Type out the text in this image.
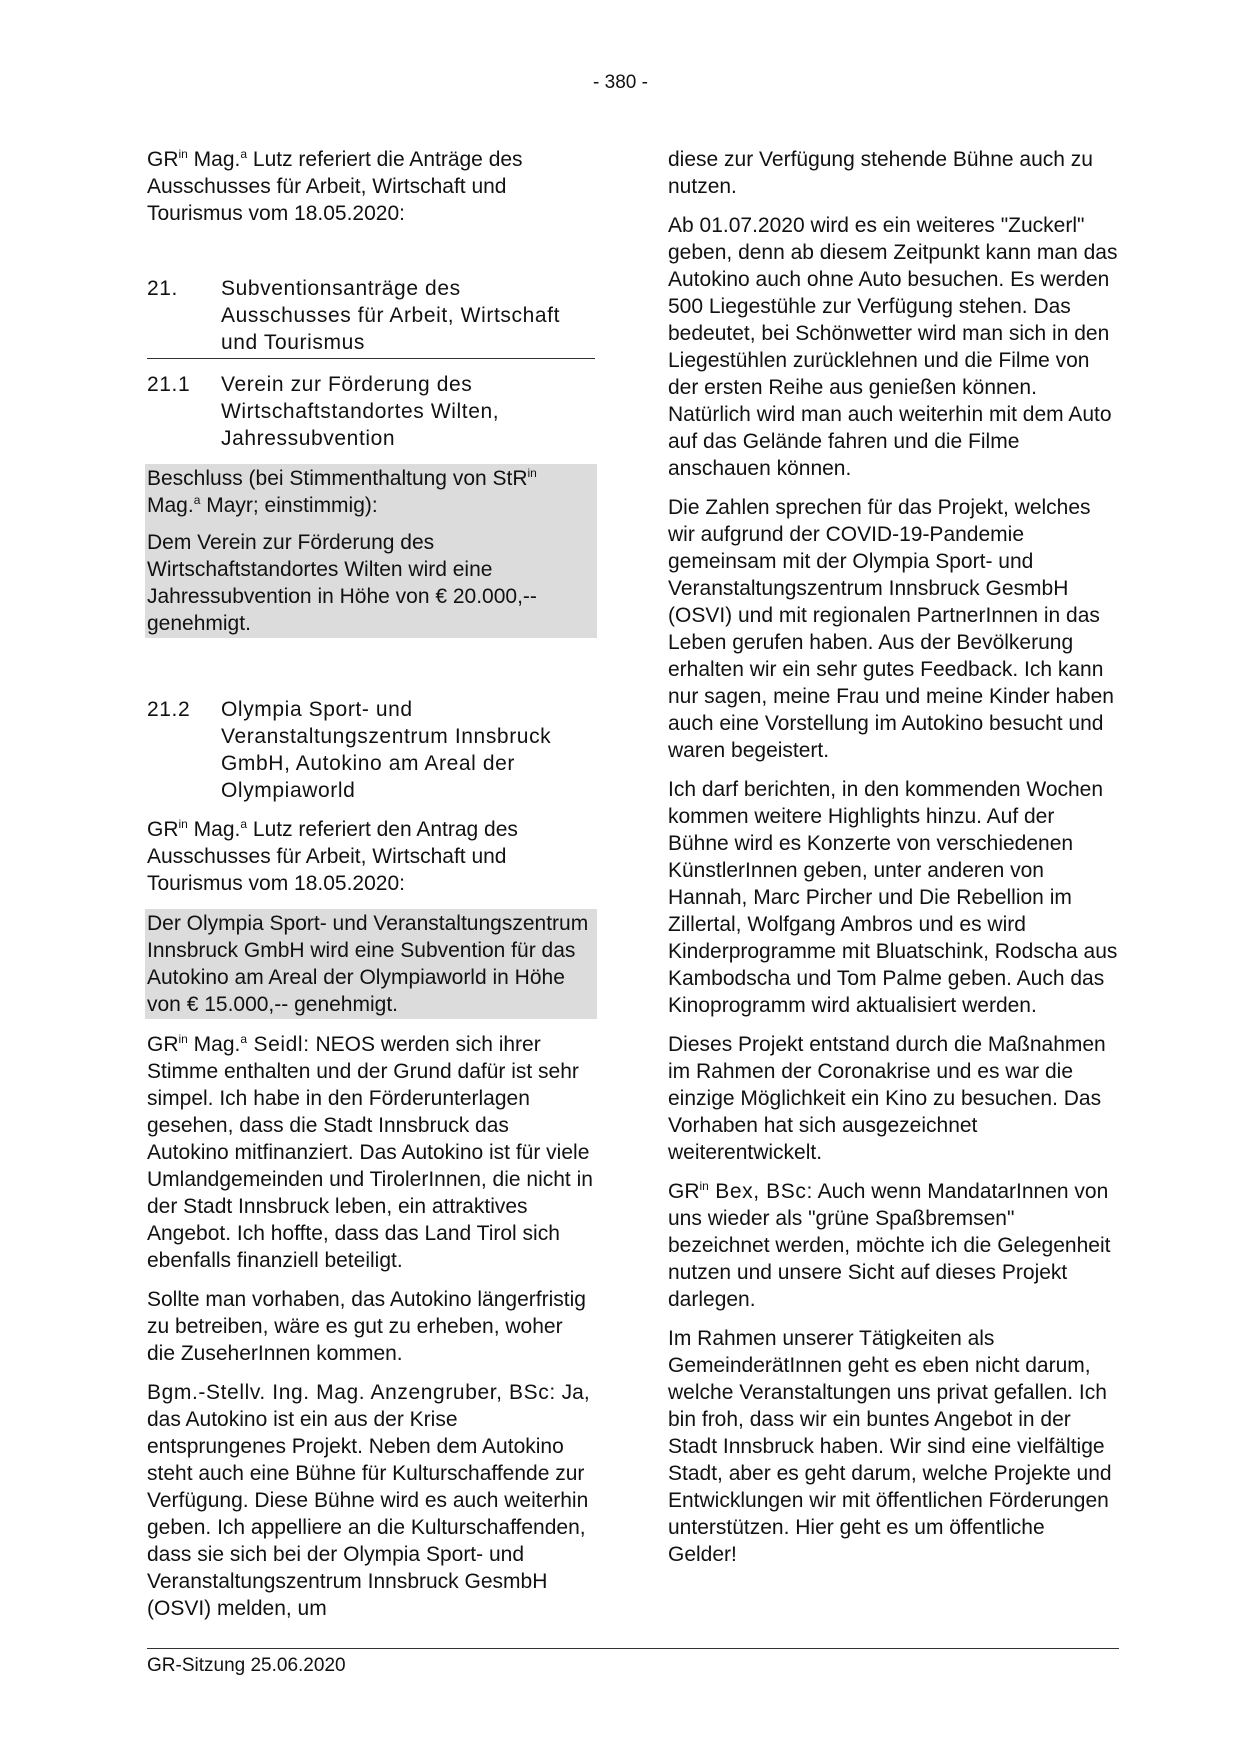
- 380 -

$GR^{in}$ Mag.$^a$ Lutz referiert die Anträge des Ausschusses für Arbeit, Wirtschaft und Tourismus vom 18.05.2020:

21.	Subventionsanträge des Ausschusses für Arbeit, Wirtschaft und Tourismus
21.1	Verein zur Förderung des Wirtschaftstandortes Wilten, Jahressubvention
Beschluss (bei Stimmenthaltung von StR$^{in}$ Mag.$^a$ Mayr; einstimmig):
Dem Verein zur Förderung des Wirtschaftstandortes Wilten wird eine Jahressubvention in Höhe von € 20.000,-- genehmigt.
21.2	Olympia Sport- und Veranstaltungszentrum Innsbruck GmbH, Autokino am Areal der Olympiaworld

$GR^{in}$ Mag.$^a$ Lutz referiert den Antrag des Ausschusses für Arbeit, Wirtschaft und Tourismus vom 18.05.2020:

Der Olympia Sport- und Veranstaltungszentrum Innsbruck GmbH wird eine Subvention für das Autokino am Areal der Olympiaworld in Höhe von € 15.000,-- genehmigt.

$GR^{in}$ Mag.$^a$ Seidl: NEOS werden sich ihrer Stimme enthalten und der Grund dafür ist sehr simpel. Ich habe in den Förderunterlagen gesehen, dass die Stadt Innsbruck das Autokino mitfinanziert. Das Autokino ist für viele Umlandgemeinden und TirolerInnen, die nicht in der Stadt Innsbruck leben, ein attraktives Angebot. Ich hoffte, dass das Land Tirol sich ebenfalls finanziell beteiligt.

Sollte man vorhaben, das Autokino längerfristig zu betreiben, wäre es gut zu erheben, woher die ZuseherInnen kommen.

Bgm.-Stellv. Ing. Mag. Anzengruber, BSc: Ja, das Autokino ist ein aus der Krise entsprungenes Projekt. Neben dem Autokino steht auch eine Bühne für Kulturschaffende zur Verfügung. Diese Bühne wird es auch weiterhin geben. Ich appelliere an die Kulturschaffenden, dass sie sich bei der Olympia Sport- und Veranstaltungszentrum Innsbruck GesmbH (OSVI) melden, um

diese zur Verfügung stehende Bühne auch zu nutzen.

Ab 01.07.2020 wird es ein weiteres "Zuckerl" geben, denn ab diesem Zeitpunkt kann man das Autokino auch ohne Auto besuchen. Es werden 500 Liegestühle zur Verfügung stehen. Das bedeutet, bei Schönwetter wird man sich in den Liegestühlen zurücklehnen und die Filme von der ersten Reihe aus genießen können. Natürlich wird man auch weiterhin mit dem Auto auf das Gelände fahren und die Filme anschauen können.

Die Zahlen sprechen für das Projekt, welches wir aufgrund der COVID-19-Pandemie gemeinsam mit der Olympia Sport- und Veranstaltungszentrum Innsbruck GesmbH (OSVI) und mit regionalen PartnerInnen in das Leben gerufen haben. Aus der Bevölkerung erhalten wir ein sehr gutes Feedback. Ich kann nur sagen, meine Frau und meine Kinder haben auch eine Vorstellung im Autokino besucht und waren begeistert.

Ich darf berichten, in den kommenden Wochen kommen weitere Highlights hinzu. Auf der Bühne wird es Konzerte von verschiedenen KünstlerInnen geben, unter anderen von Hannah, Marc Pircher und Die Rebellion im Zillertal, Wolfgang Ambros und es wird Kinderprogramme mit Bluatschink, Rodscha aus Kambodscha und Tom Palme geben. Auch das Kinoprogramm wird aktualisiert werden.

Dieses Projekt entstand durch die Maßnahmen im Rahmen der Coronakrise und es war die einzige Möglichkeit ein Kino zu besuchen. Das Vorhaben hat sich ausgezeichnet weiterentwickelt.

$GR^{in}$ Bex, BSc: Auch wenn MandatarInnen von uns wieder als "grüne Spaßbremsen" bezeichnet werden, möchte ich die Gelegenheit nutzen und unsere Sicht auf dieses Projekt darlegen.

Im Rahmen unserer Tätigkeiten als GemeinderätInnen geht es eben nicht darum, welche Veranstaltungen uns privat gefallen. Ich bin froh, dass wir ein buntes Angebot in der Stadt Innsbruck haben. Wir sind eine vielfältige Stadt, aber es geht darum, welche Projekte und Entwicklungen wir mit öffentlichen Förderungen unterstützen. Hier geht es um öffentliche Gelder!

GR-Sitzung 25.06.2020
